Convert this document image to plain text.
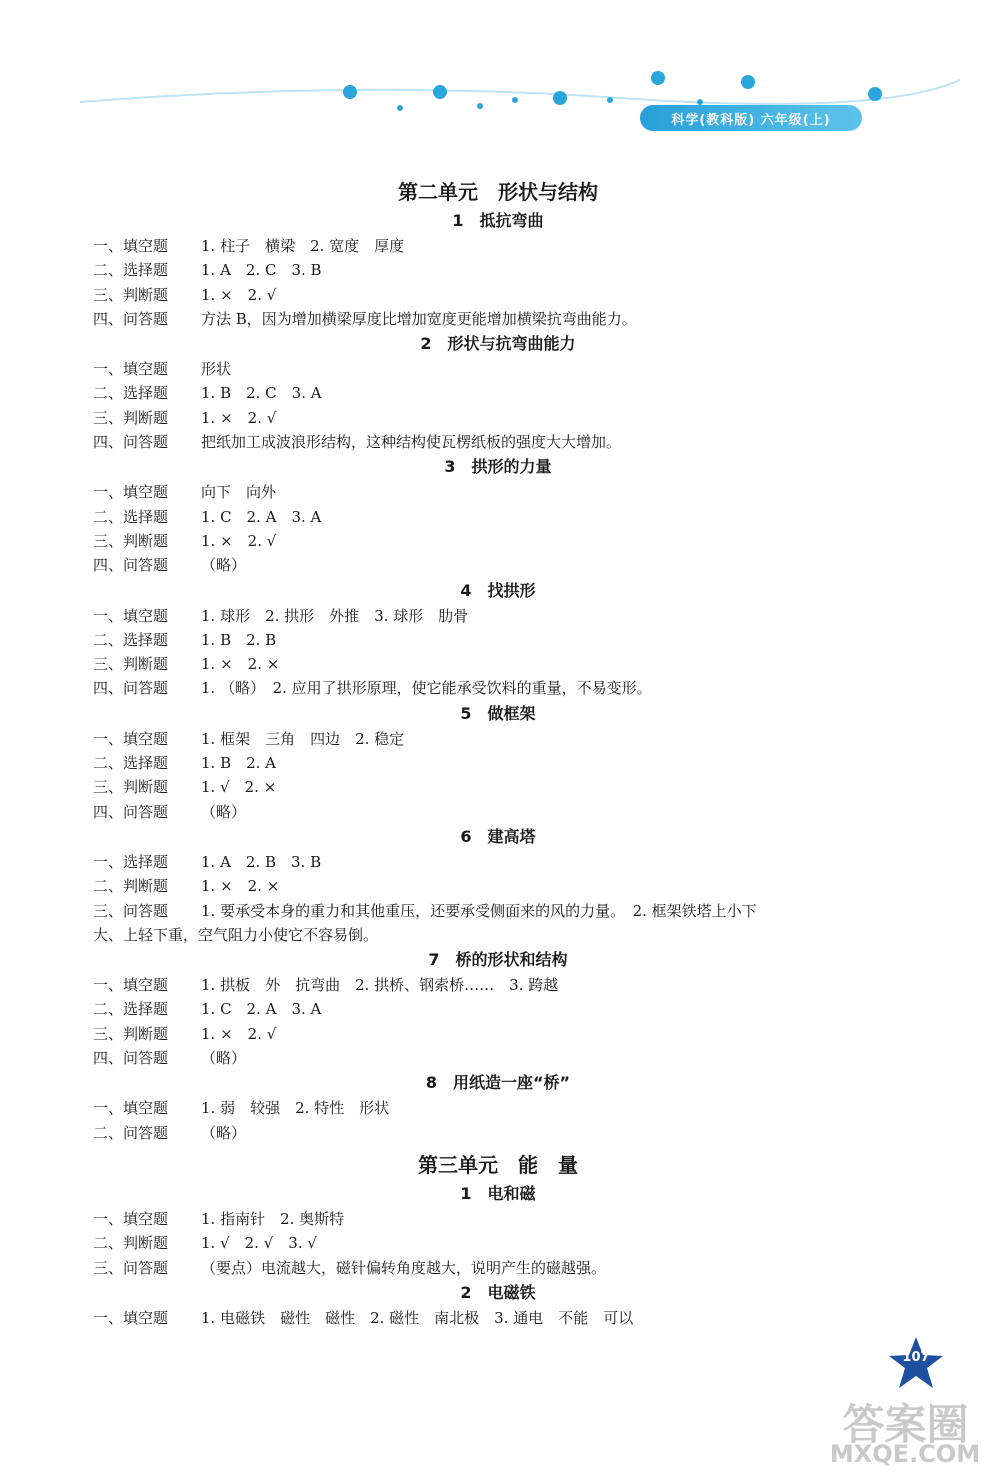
科学(教科版) 六年级(上)
第二单元　形状与结构
1　抵抗弯曲
一、填空题 1. 柱子　横梁　2. 宽度　厚度
二、选择题 1. A　2. C　3. B
三、判断题 1. ×　2. √
四、问答题 方法 B，因为增加横梁厚度比增加宽度更能增加横梁抗弯曲能力。
2　形状与抗弯曲能力
一、填空题 形状
二、选择题 1. B　2. C　3. A
三、判断题 1. ×　2. √
四、问答题 把纸加工成波浪形结构，这种结构使瓦楞纸板的强度大大增加。
3　拱形的力量
一、填空题 向下　向外
二、选择题 1. C　2. A　3. A
三、判断题 1. ×　2. √
四、问答题 （略）
4　找拱形
一、填空题 1. 球形　2. 拱形　外推　3. 球形　肋骨
二、选择题 1. B　2. B
三、判断题 1. ×　2. ×
四、问答题 1. （略）　2. 应用了拱形原理，使它能承受饮料的重量，不易变形。
5　做框架
一、填空题 1. 框架　三角　四边　2. 稳定
二、选择题 1. B　2. A
三、判断题 1. √　2. ×
四、问答题 （略）
6　建高塔
一、选择题 1. A　2. B　3. B
二、判断题 1. ×　2. ×
三、问答题 1. 要承受本身的重力和其他重压，还要承受侧面来的风的力量。　2. 框架铁塔上小下
大、上轻下重，空气阻力小使它不容易倒。
7　桥的形状和结构
一、填空题 1. 拱板　外　抗弯曲　2. 拱桥、钢索桥……　3. 跨越
二、选择题 1. C　2. A　3. A
三、判断题 1. ×　2. √
四、问答题 （略）
8　用纸造一座“桥”
一、填空题 1. 弱　较强　2. 特性　形状
二、问答题 （略）
第三单元　能　量
1　电和磁
一、填空题 1. 指南针　2. 奥斯特
二、判断题 1. √　2. √　3. √
三、问答题 （要点）电流越大，磁针偏转角度越大，说明产生的磁越强。
2　电磁铁
一、填空题 1. 电磁铁　磁性　磁性　2. 磁性　南北极　3. 通电　不能　可以
107
答案圈
MXQE.COM
